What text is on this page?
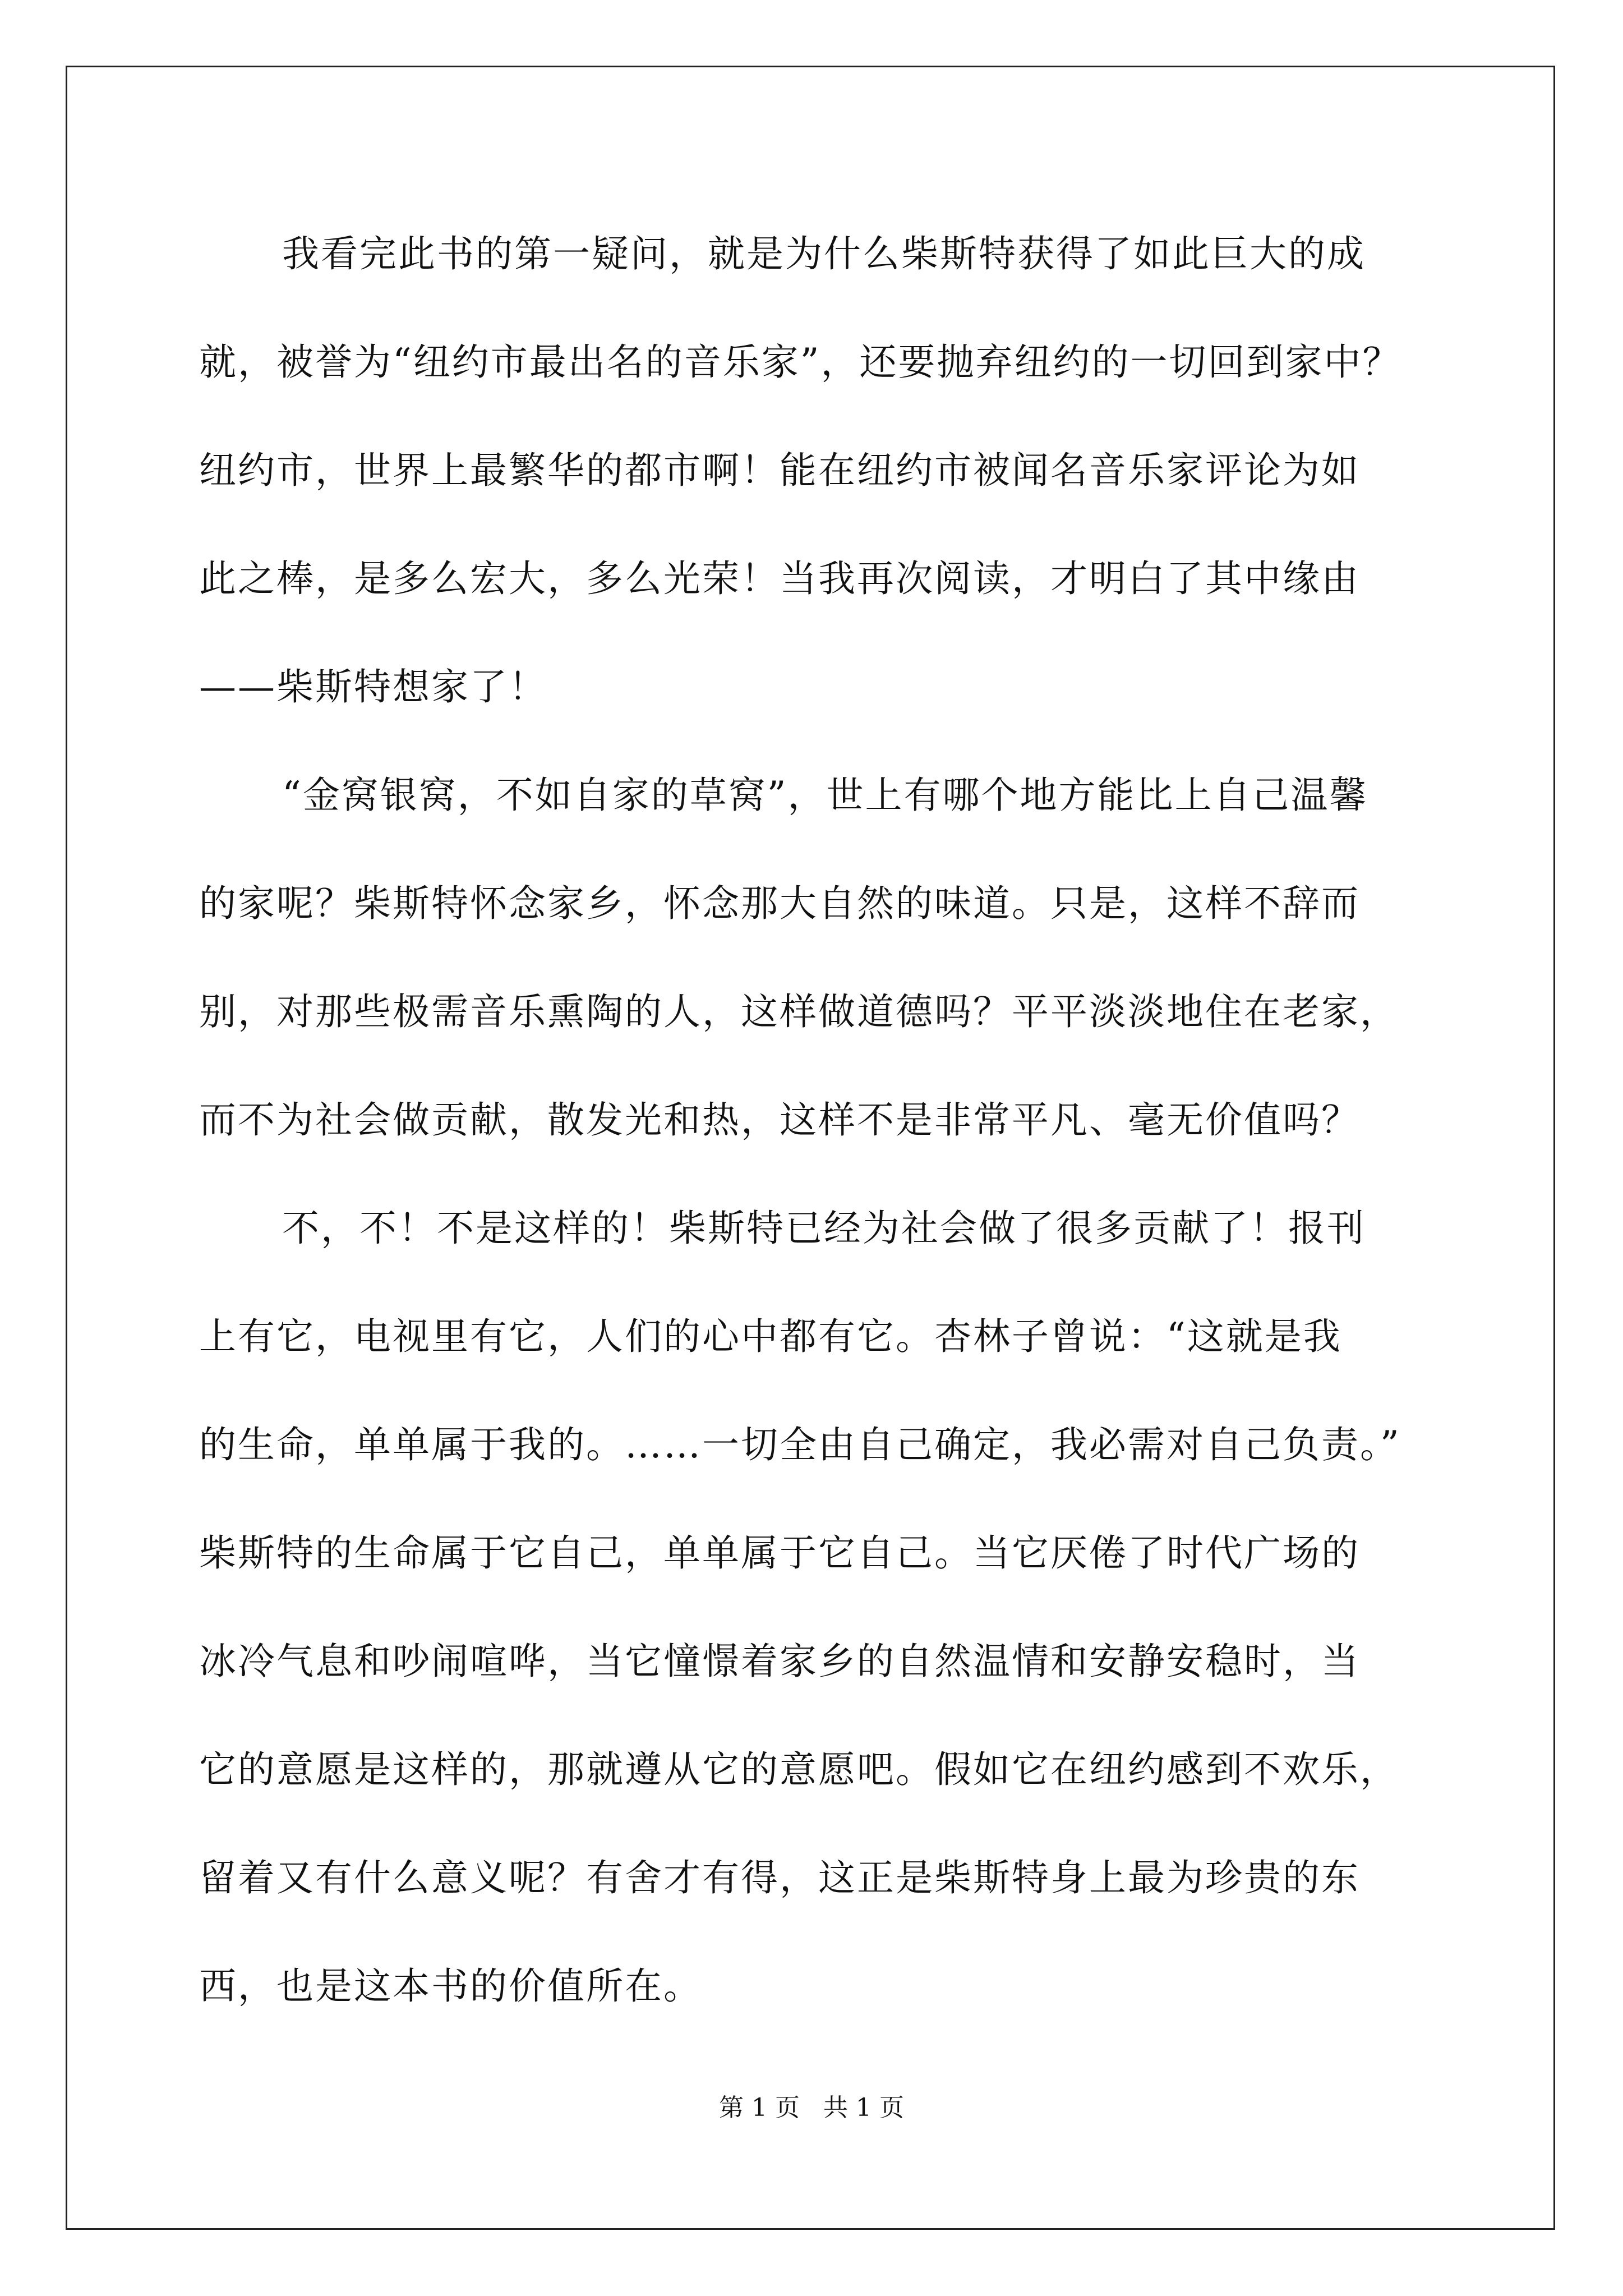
我看完此书的第一疑问，就是为什么柴斯特获得了如此巨大的成
就，被誉为“纽约市最出名的音乐家”，还要抛弃纽约的一切回到家中？
纽约市，世界上最繁华的都市啊！能在纽约市被闻名音乐家评论为如
此之棒，是多么宏大，多么光荣！当我再次阅读，才明白了其中缘由
——柴斯特想家了！
“金窝银窝，不如自家的草窝”，世上有哪个地方能比上自己温馨
的家呢？柴斯特怀念家乡，怀念那大自然的味道。只是，这样不辞而
别，对那些极需音乐熏陶的人，这样做道德吗？平平淡淡地住在老家，
而不为社会做贡献，散发光和热，这样不是非常平凡、毫无价值吗？
不，不！不是这样的！柴斯特已经为社会做了很多贡献了！报刊
上有它，电视里有它，人们的心中都有它。杏林子曾说：“这就是我
的生命，单单属于我的。……一切全由自己确定，我必需对自己负责。”
柴斯特的生命属于它自己，单单属于它自己。当它厌倦了时代广场的
冰冷气息和吵闹喧哗，当它憧憬着家乡的自然温情和安静安稳时，当
它的意愿是这样的，那就遵从它的意愿吧。假如它在纽约感到不欢乐，
留着又有什么意义呢？有舍才有得，这正是柴斯特身上最为珍贵的东
西，也是这本书的价值所在。
第 1 页   共 1 页
